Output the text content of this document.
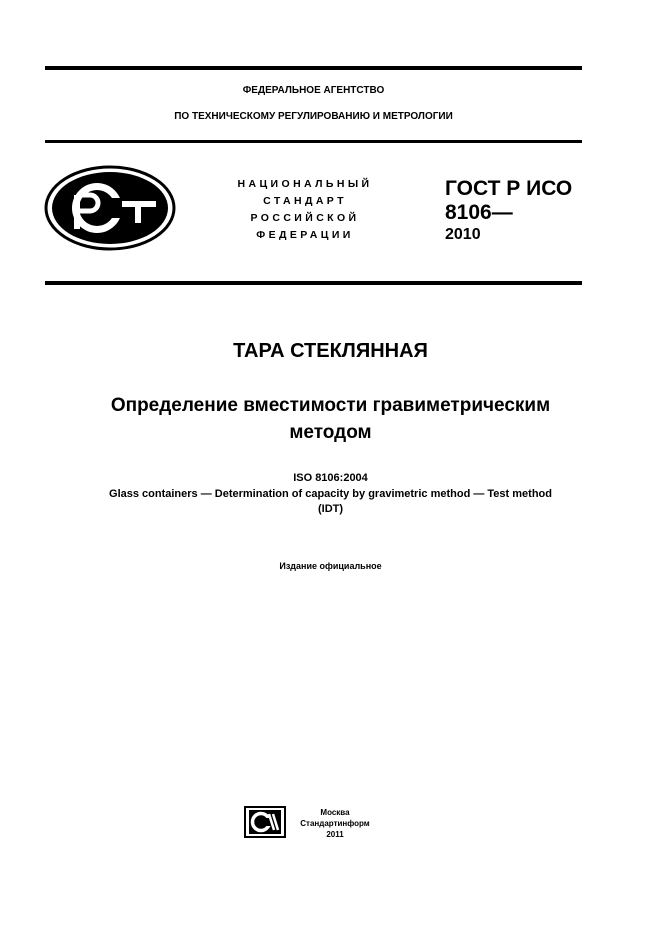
ФЕДЕРАЛЬНОЕ АГЕНТСТВО
ПО ТЕХНИЧЕСКОМУ РЕГУЛИРОВАНИЮ И МЕТРОЛОГИИ
НАЦИОНАЛЬНЫЙ
СТАНДАРТ
РОССИЙСКОЙ
ФЕДЕРАЦИИ
ГОСТ Р ИСО
8106—
2010
ТАРА СТЕКЛЯННАЯ
Определение вместимости гравиметрическим
методом
ISO 8106:2004
Glass containers — Determination of capacity by gravimetric method — Test method
(IDT)
Издание официальное
Москва
Стандартинформ
2011
